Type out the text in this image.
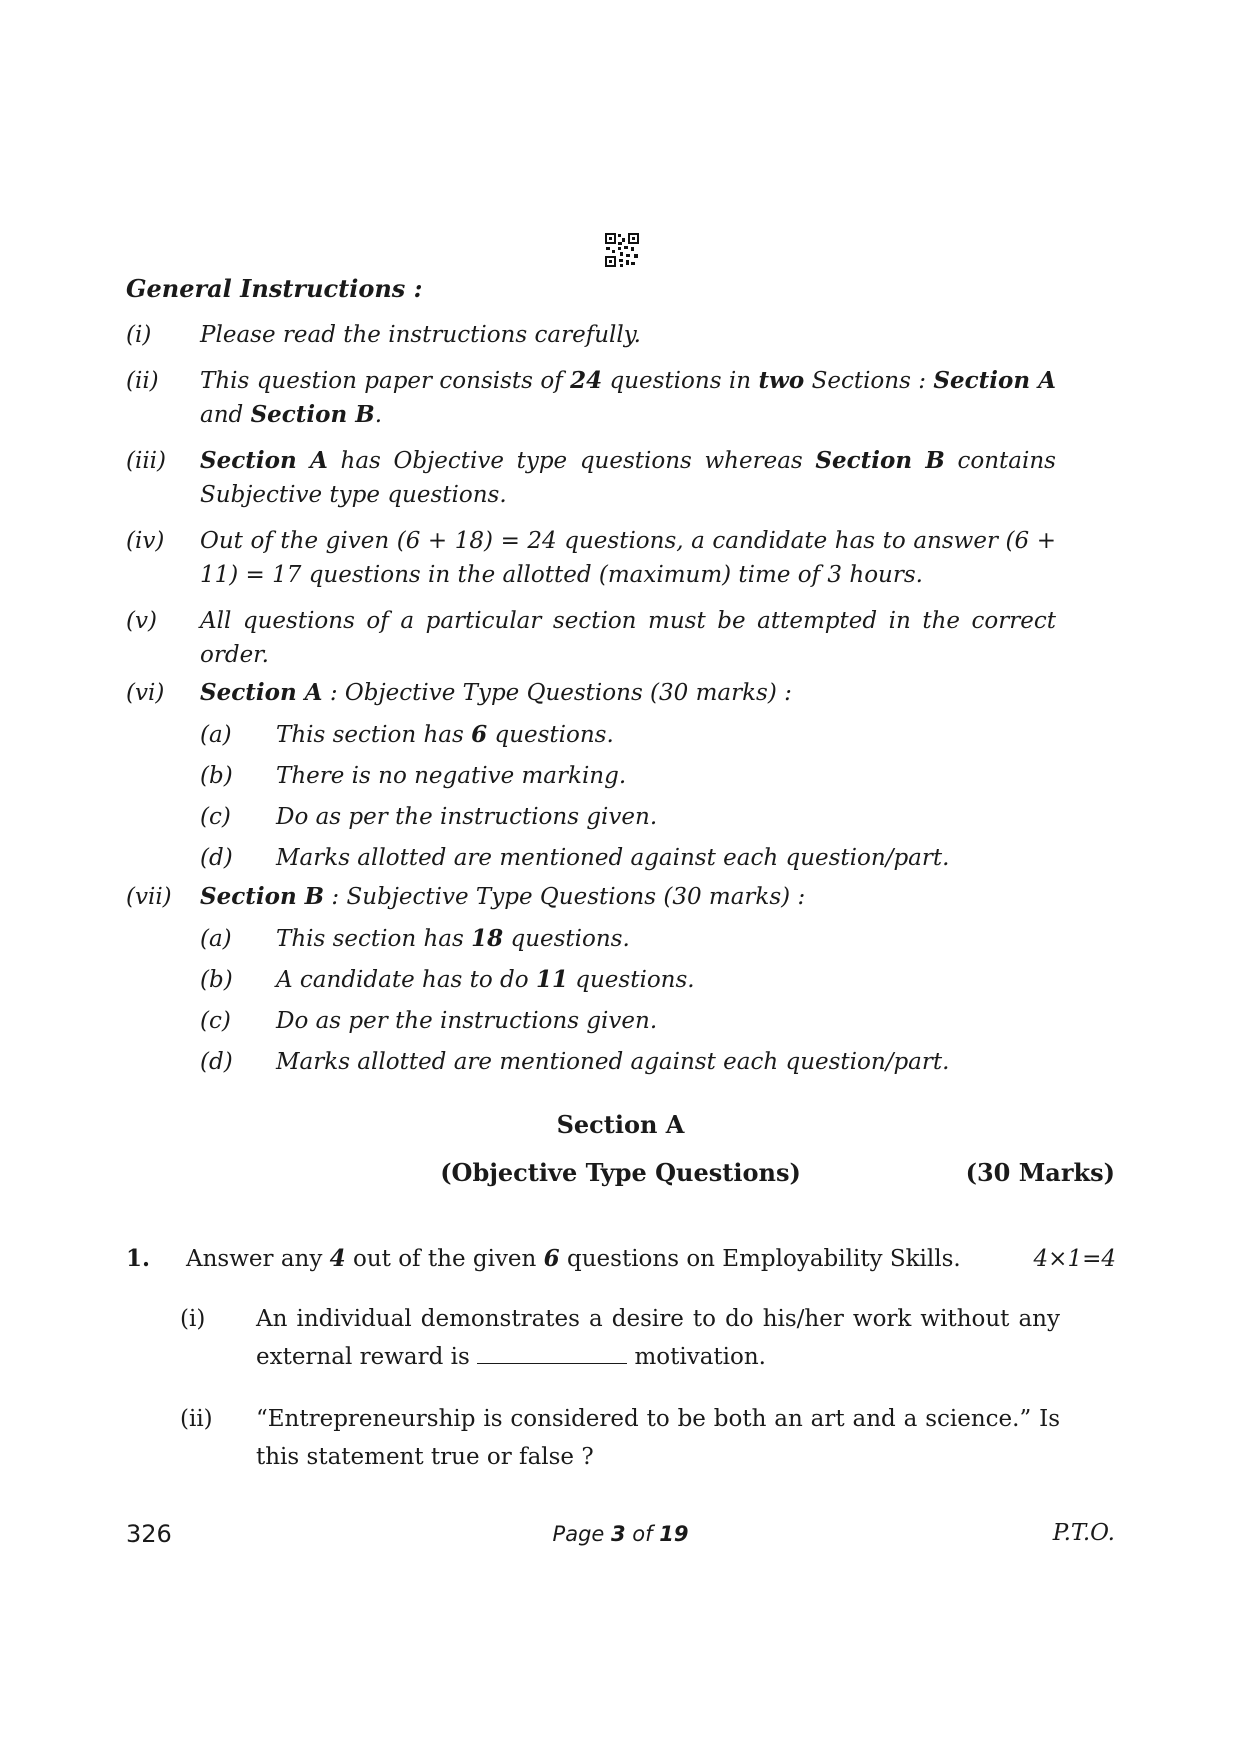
General Instructions :
(i) Please read the instructions carefully.
(ii) This question paper consists of 24 questions in two Sections : Section A and Section B.
(iii) Section A has Objective type questions whereas Section B contains Subjective type questions.
(iv) Out of the given (6 + 18) = 24 questions, a candidate has to answer (6 + 11) = 17 questions in the allotted (maximum) time of 3 hours.
(v) All questions of a particular section must be attempted in the correct order.
(vi) Section A : Objective Type Questions (30 marks) :
(a) This section has 6 questions.
(b) There is no negative marking.
(c) Do as per the instructions given.
(d) Marks allotted are mentioned against each question/part.
(vii) Section B : Subjective Type Questions (30 marks) :
(a) This section has 18 questions.
(b) A candidate has to do 11 questions.
(c) Do as per the instructions given.
(d) Marks allotted are mentioned against each question/part.
Section A
(Objective Type Questions)	(30 Marks)
1. Answer any 4 out of the given 6 questions on Employability Skills.	4×1=4
(i) An individual demonstrates a desire to do his/her work without any external reward is	motivation.
(ii) “Entrepreneurship is considered to be both an art and a science.” Is this statement true or false ?
326	Page 3 of 19	P.T.O.
